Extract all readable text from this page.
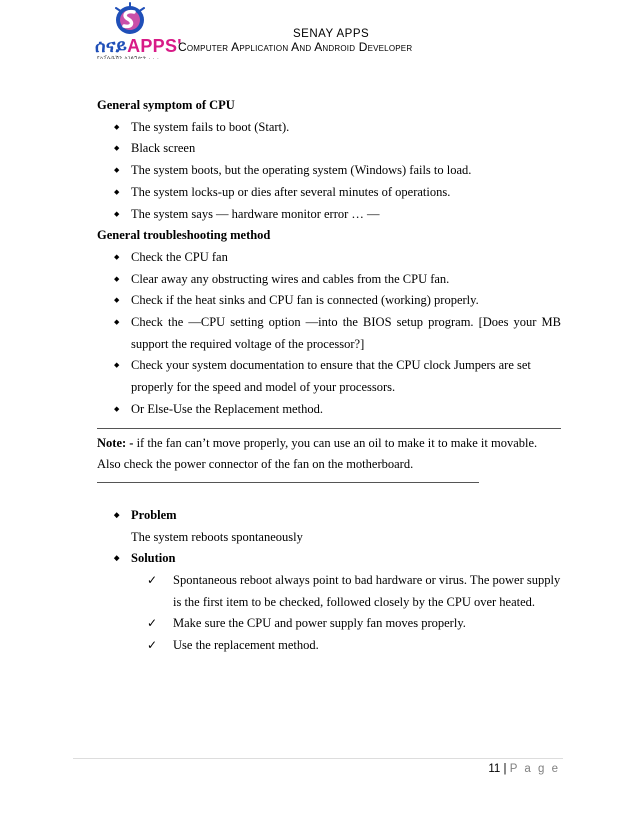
ሰናይAPPS'
የአፕሊኬሽን አገልግሎት . . .
SENAY APPS
Computer Application And Android Developer
General symptom of CPU
◆ The system fails to boot (Start).
◆ Black screen
◆ The system boots, but the operating system (Windows) fails to load.
◆ The system locks-up or dies after several minutes of operations.
◆ The system says ― hardware monitor error … ―
General troubleshooting method
◆ Check the CPU fan
◆ Clear away any obstructing wires and cables from the CPU fan.
◆ Check if the heat sinks and CPU fan is connected (working) properly.
◆ Check the ―CPU setting option ―into the BIOS setup program. [Does your MB support the required voltage of the processor?]
◆ Check your system documentation to ensure that the CPU clock Jumpers are set properly for the speed and model of your processors.
◆ Or Else-Use the Replacement method.
Note: - if the fan can’t move properly, you can use an oil to make it to make it movable. Also check the power connector of the fan on the motherboard.
◆ Problem
The system reboots spontaneously
◆ Solution
✓ Spontaneous reboot always point to bad hardware or virus. The power supply is the first item to be checked, followed closely by the CPU over heated.
✓ Make sure the CPU and power supply fan moves properly.
✓ Use the replacement method.
11 | P a g e
